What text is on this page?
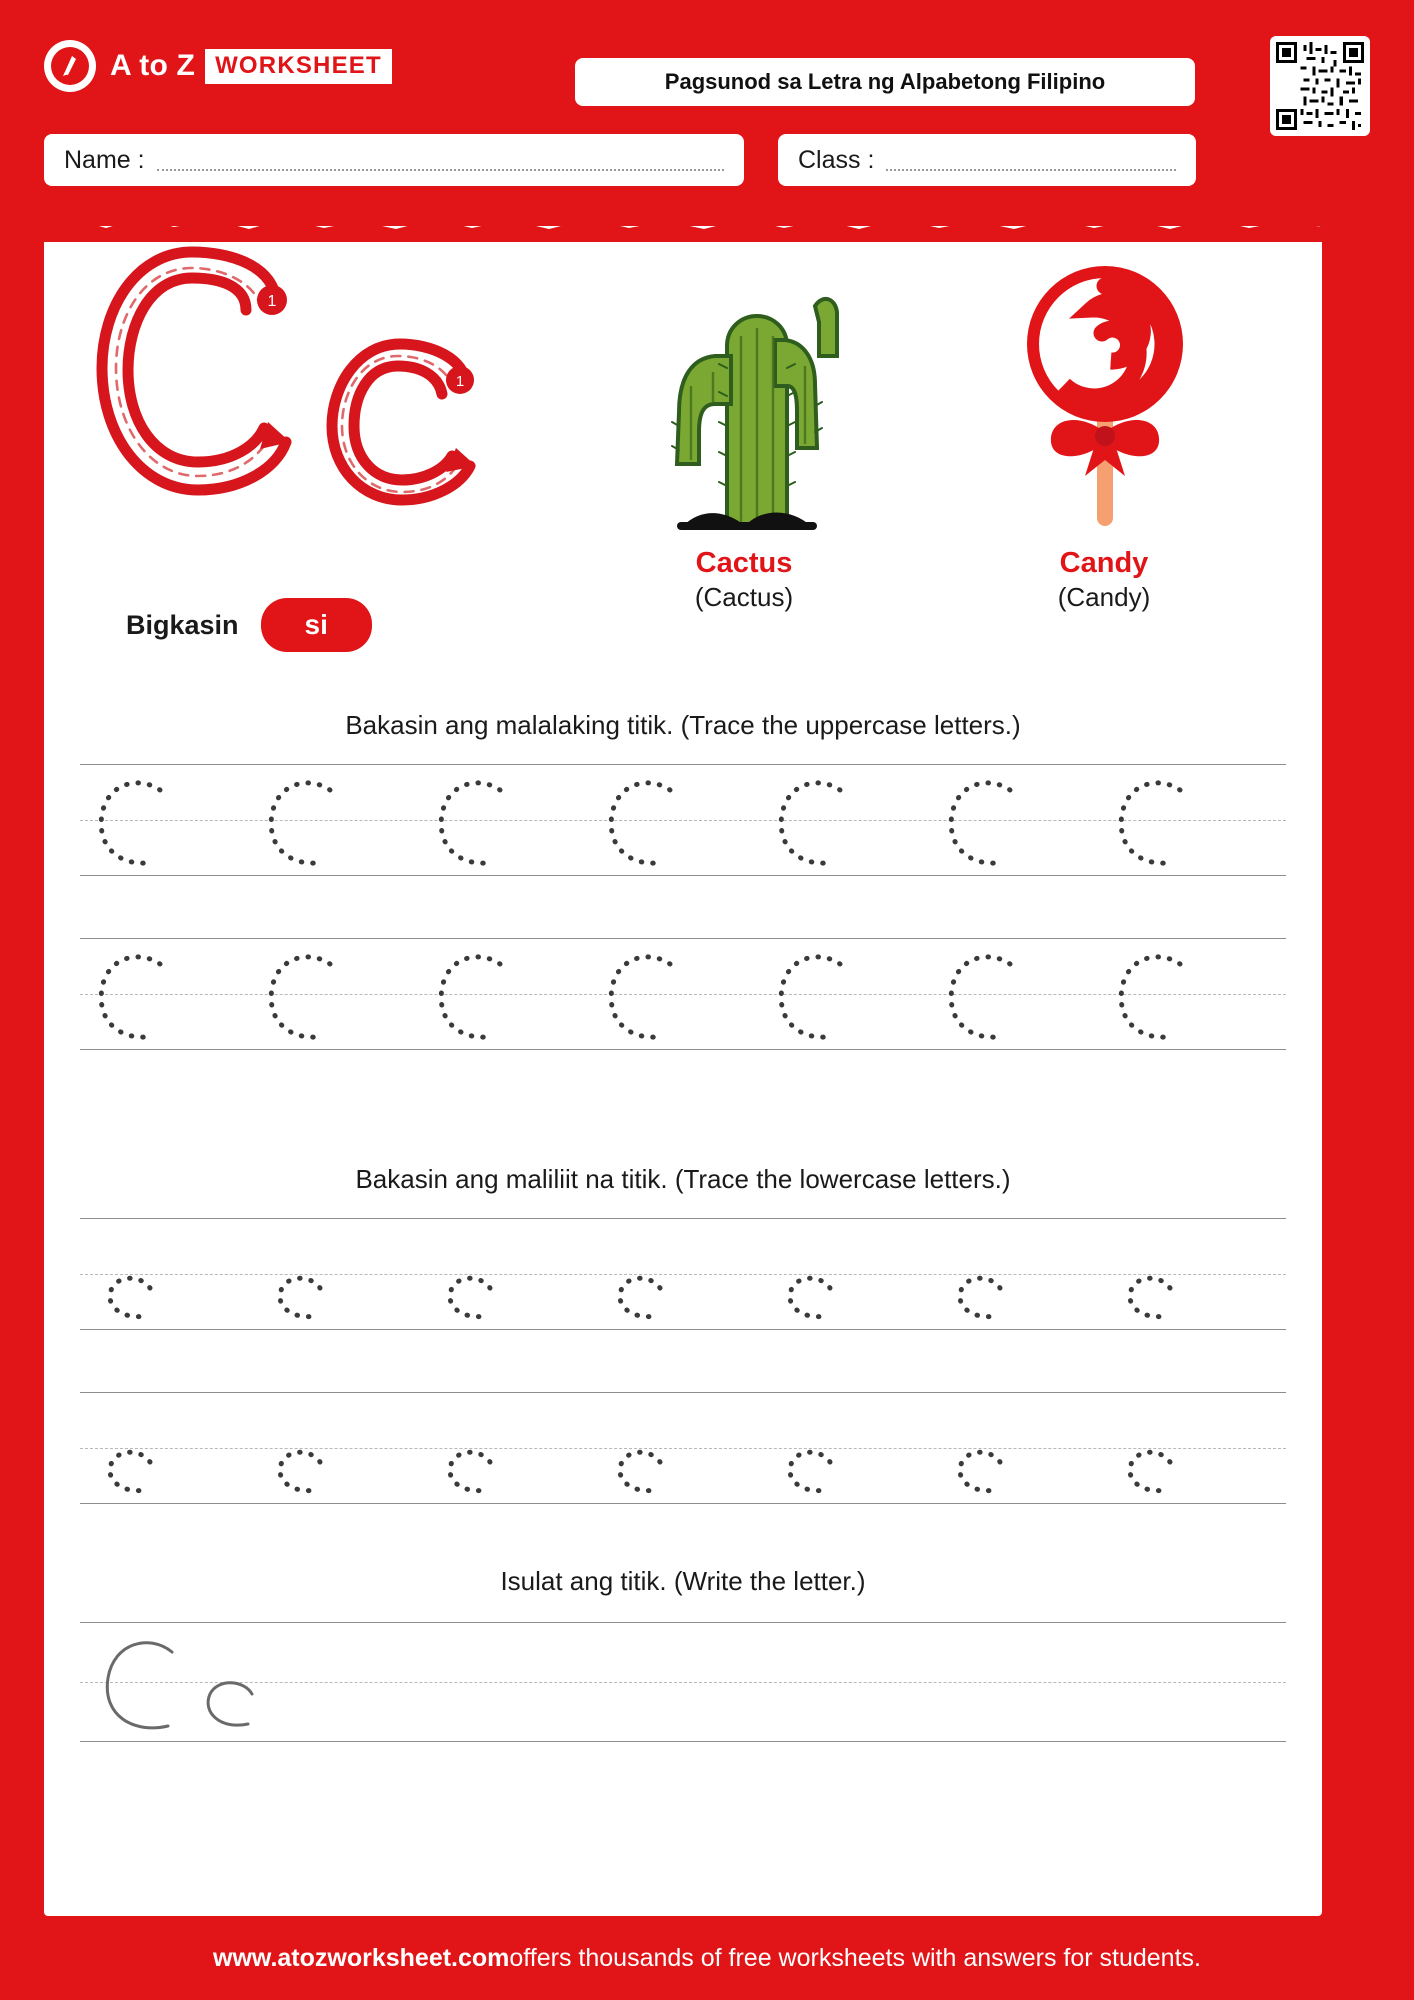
A to Z WORKSHEET
Pagsunod sa Letra ng Alpabetong Filipino
Name :	Class :
1
1
Bigkasin	si
Cactus
(Cactus)
Candy
(Candy)
Bakasin ang malalaking titik. (Trace the uppercase letters.)
Bakasin ang maliliit na titik. (Trace the lowercase letters.)
Isulat ang titik. (Write the letter.)
www.atozworksheet.com offers thousands of free worksheets with answers for students.
